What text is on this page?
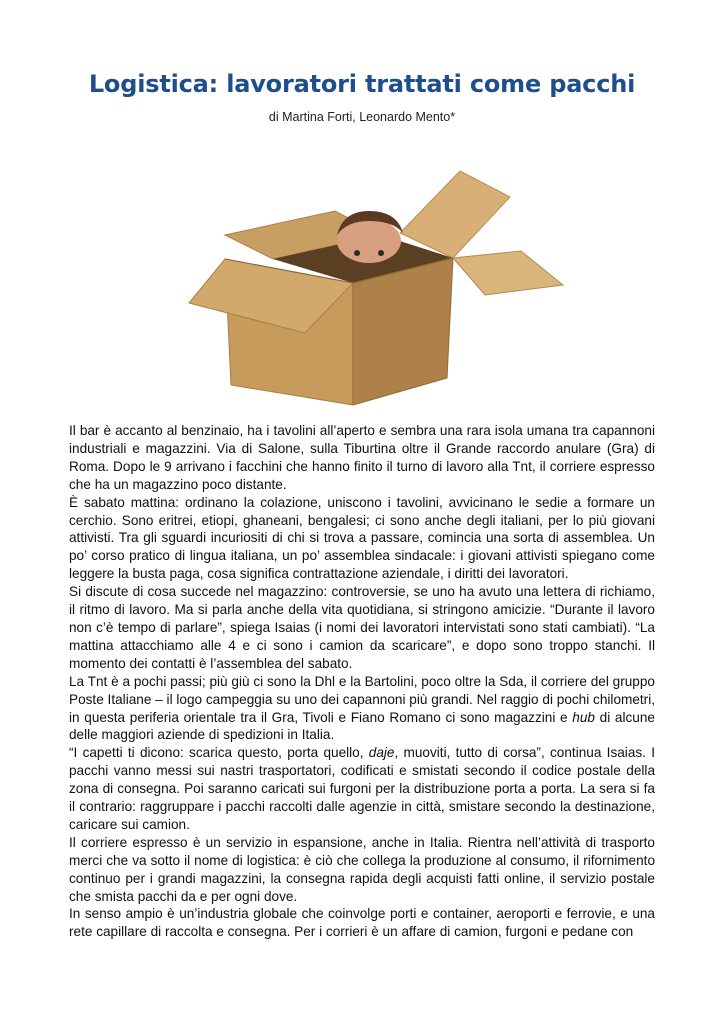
Logistica: lavoratori trattati come pacchi

di Martina Forti, Leonardo Mento*

Il bar è accanto al benzinaio, ha i tavolini all’aperto e sembra una rara isola umana tra capannoni industriali e magazzini. Via di Salone, sulla Tiburtina oltre il Grande raccordo anulare (Gra) di Roma. Dopo le 9 arrivano i facchini che hanno finito il turno di lavoro alla Tnt, il corriere espresso che ha un magazzino poco distante.

È sabato mattina: ordinano la colazione, uniscono i tavolini, avvicinano le sedie a formare un cerchio. Sono eritrei, etiopi, ghaneani, bengalesi; ci sono anche degli italiani, per lo più giovani attivisti. Tra gli sguardi incuriositi di chi si trova a passare, comincia una sorta di assemblea. Un po’ corso pratico di lingua italiana, un po’ assemblea sindacale: i giovani attivisti spiegano come leggere la busta paga, cosa significa contrattazione aziendale, i diritti dei lavoratori.

Si discute di cosa succede nel magazzino: controversie, se uno ha avuto una lettera di richiamo, il ritmo di lavoro. Ma si parla anche della vita quotidiana, si stringono amicizie. “Durante il lavoro non c’è tempo di parlare”, spiega Isaias (i nomi dei lavoratori intervistati sono stati cambiati). “La mattina attacchiamo alle 4 e ci sono i camion da scaricare”, e dopo sono troppo stanchi. Il momento dei contatti è l’assemblea del sabato.

La Tnt è a pochi passi; più giù ci sono la Dhl e la Bartolini, poco oltre la Sda, il corriere del gruppo Poste Italiane – il logo campeggia su uno dei capannoni più grandi. Nel raggio di pochi chilometri, in questa periferia orientale tra il Gra, Tivoli e Fiano Romano ci sono magazzini e hub di alcune delle maggiori aziende di spedizioni in Italia.

“I capetti ti dicono: scarica questo, porta quello, daje, muoviti, tutto di corsa”, continua Isaias. I pacchi vanno messi sui nastri trasportatori, codificati e smistati secondo il codice postale della zona di consegna. Poi saranno caricati sui furgoni per la distribuzione porta a porta. La sera si fa il contrario: raggruppare i pacchi raccolti dalle agenzie in città, smistare secondo la destinazione, caricare sui camion.

Il corriere espresso è un servizio in espansione, anche in Italia. Rientra nell’attività di trasporto merci che va sotto il nome di logistica: è ciò che collega la produzione al consumo, il rifornimento continuo per i grandi magazzini, la consegna rapida degli acquisti fatti online, il servizio postale che smista pacchi da e per ogni dove.

In senso ampio è un’industria globale che coinvolge porti e container, aeroporti e ferrovie, e una rete capillare di raccolta e consegna. Per i corrieri è un affare di camion, furgoni e pedane con
